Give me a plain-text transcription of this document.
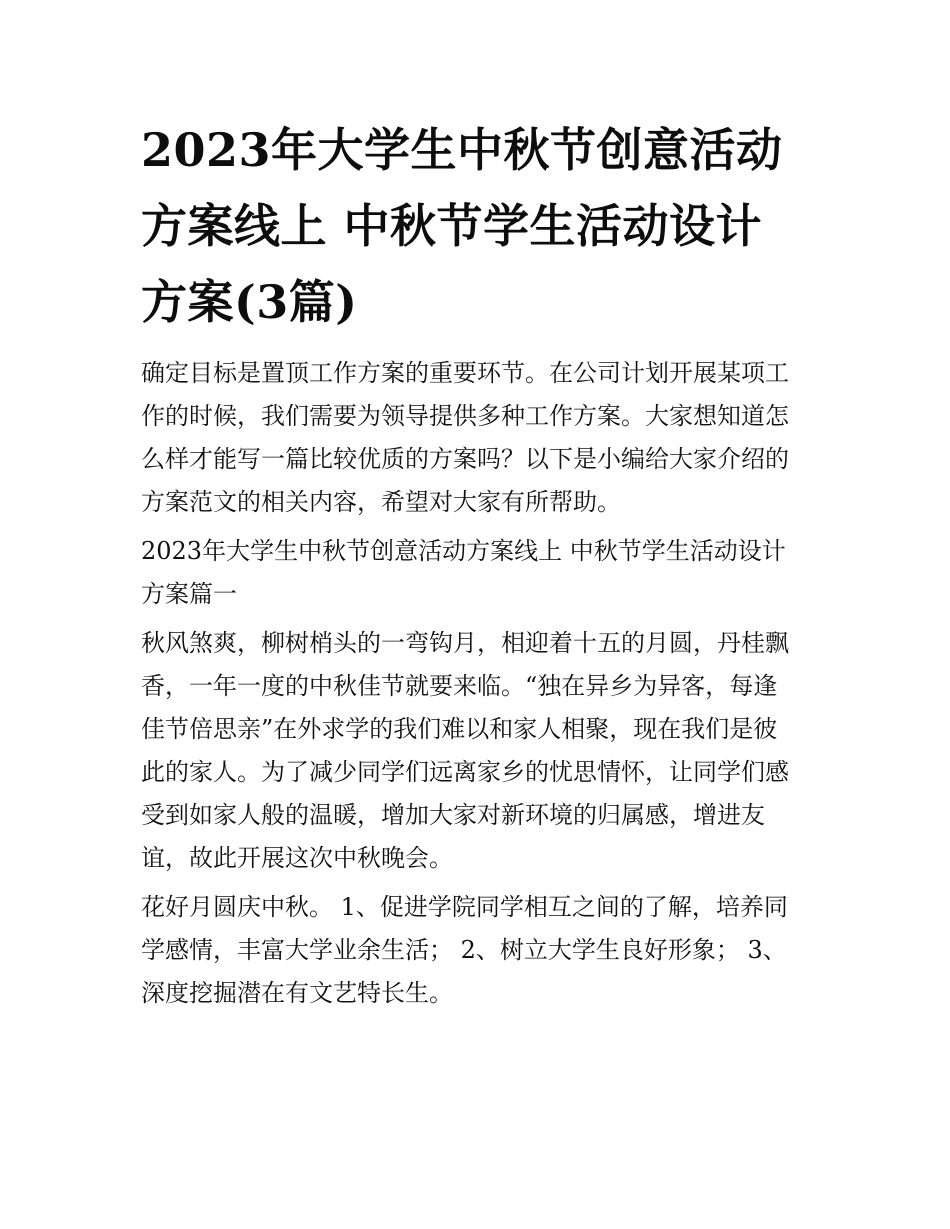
2023年大学生中秋节创意活动
方案线上 中秋节学生活动设计
方案(3篇)

确定目标是置顶工作方案的重要环节。在公司计划开展某项工
作的时候，我们需要为领导提供多种工作方案。大家想知道怎
么样才能写一篇比较优质的方案吗？以下是小编给大家介绍的
方案范文的相关内容，希望对大家有所帮助。

2023年大学生中秋节创意活动方案线上 中秋节学生活动设计
方案篇一

秋风煞爽，柳树梢头的一弯钩月，相迎着十五的月圆，丹桂飘
香，一年一度的中秋佳节就要来临。“独在异乡为异客，每逢
佳节倍思亲”在外求学的我们难以和家人相聚，现在我们是彼
此的家人。为了减少同学们远离家乡的忧思情怀，让同学们感
受到如家人般的温暖，增加大家对新环境的归属感，增进友
谊，故此开展这次中秋晚会。

花好月圆庆中秋。 1、促进学院同学相互之间的了解，培养同
学感情，丰富大学业余生活； 2、树立大学生良好形象； 3、
深度挖掘潜在有文艺特长生。
